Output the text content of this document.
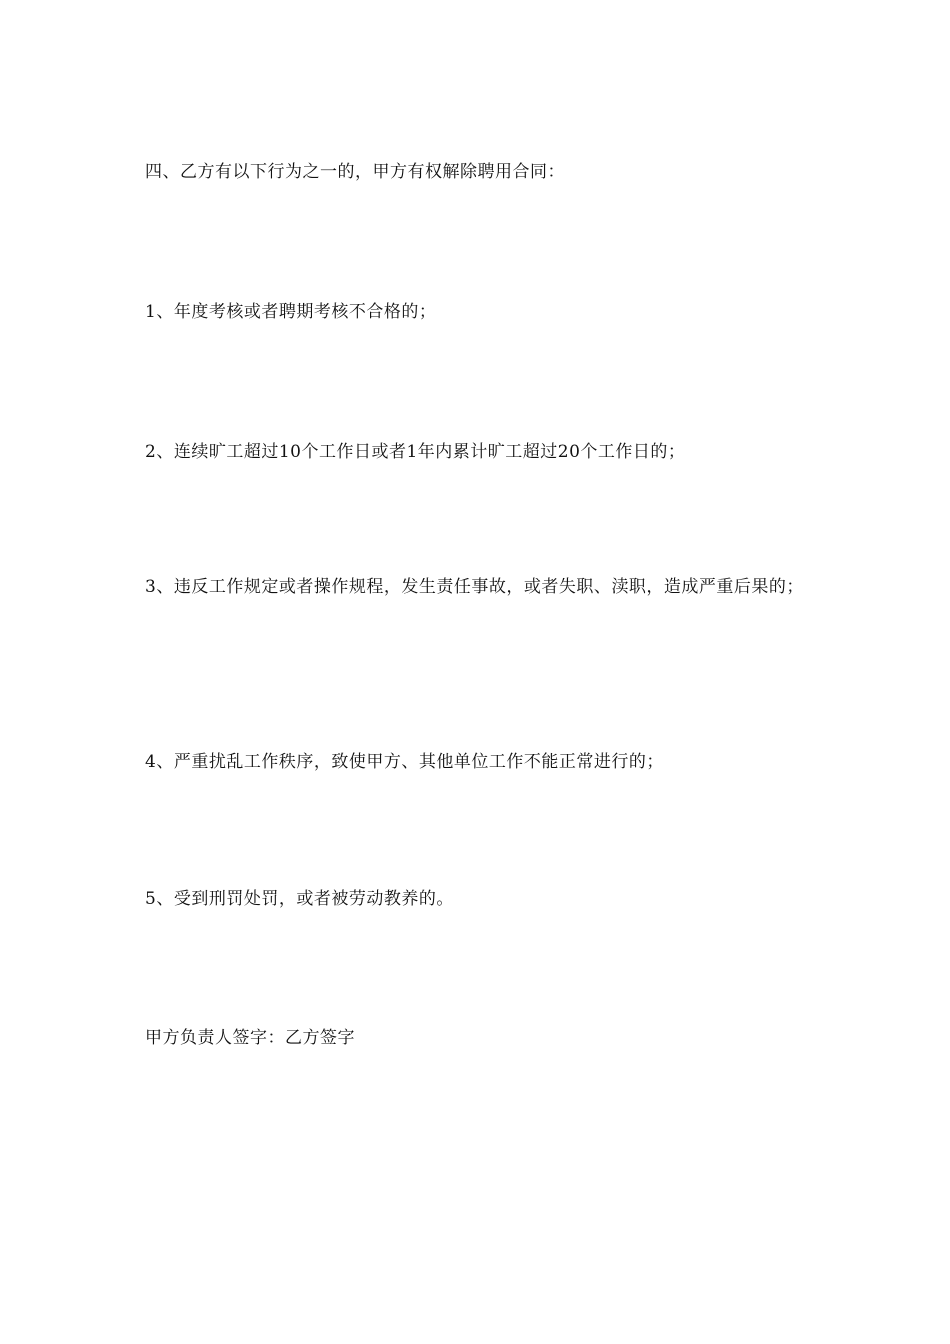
四、乙方有以下行为之一的，甲方有权解除聘用合同：

1、年度考核或者聘期考核不合格的；

2、连续旷工超过10个工作日或者1年内累计旷工超过20个工作日的；

3、违反工作规定或者操作规程，发生责任事故，或者失职、渎职，造成严重后果的；

4、严重扰乱工作秩序，致使甲方、其他单位工作不能正常进行的；

5、受到刑罚处罚，或者被劳动教养的。

甲方负责人签字：乙方签字
